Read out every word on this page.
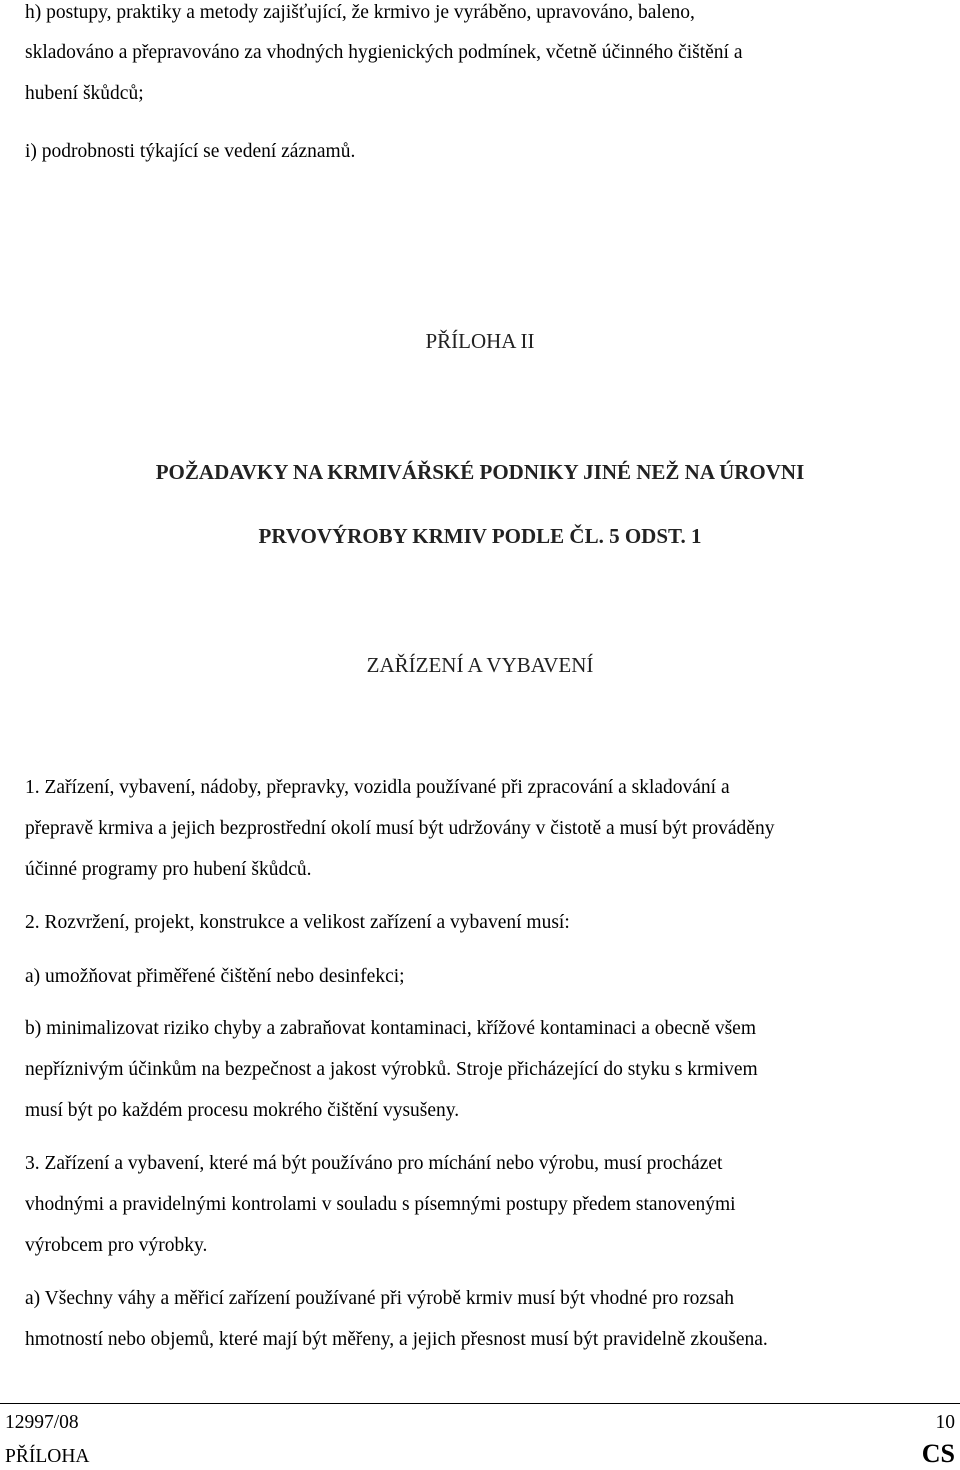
h) postupy, praktiky a metody zajišťující, že krmivo je vyráběno, upravováno, baleno,
skladováno a přepravováno za vhodných hygienických podmínek, včetně účinného čištění a
hubení škůdců;
i) podrobnosti týkající se vedení záznamů.
PŘÍLOHA II
POŽADAVKY NA KRMIVÁŘSKÉ PODNIKY JINÉ NEŽ NA ÚROVNI
PRVOVÝROBY KRMIV PODLE ČL. 5 ODST. 1
ZAŘÍZENÍ A VYBAVENÍ
1. Zařízení, vybavení, nádoby, přepravky, vozidla používané při zpracování a skladování a
přepravě krmiva a jejich bezprostřední okolí musí být udržovány v čistotě a musí být prováděny
účinné programy pro hubení škůdců.
2. Rozvržení, projekt, konstrukce a velikost zařízení a vybavení musí:
a) umožňovat přiměřené čištění nebo desinfekci;
b) minimalizovat riziko chyby a zabraňovat kontaminaci, křížové kontaminaci a obecně všem
nepříznivým účinkům na bezpečnost a jakost výrobků. Stroje přicházející do styku s krmivem
musí být po každém procesu mokrého čištění vysušeny.
3. Zařízení a vybavení, které má být používáno pro míchání nebo výrobu, musí procházet
vhodnými a pravidelnými kontrolami v souladu s písemnými postupy předem stanovenými
výrobcem pro výrobky.
a) Všechny váhy a měřicí zařízení používané při výrobě krmiv musí být vhodné pro rozsah
hmotností nebo objemů, které mají být měřeny, a jejich přesnost musí být pravidelně zkoušena.
12997/08
PŘÍLOHA
10
CS
